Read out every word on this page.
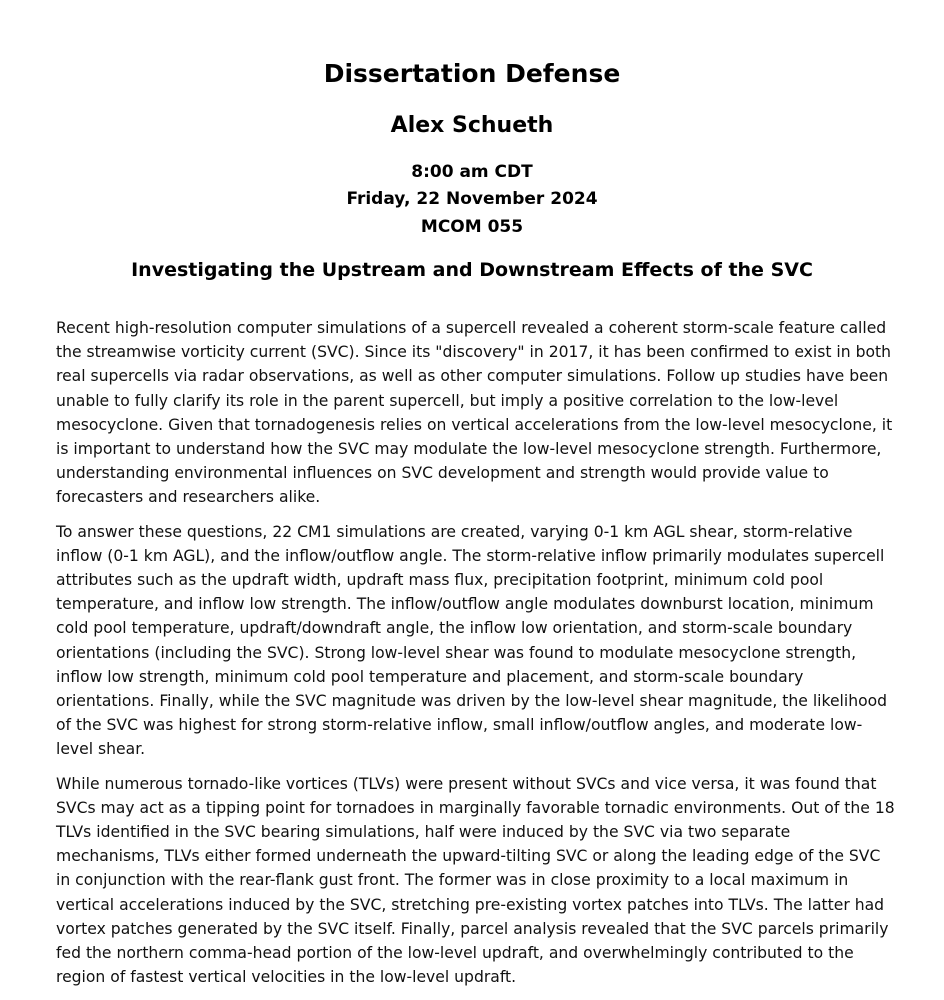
Dissertation Defense
Alex Schueth
8:00 am CDT
Friday, 22 November 2024
MCOM 055
Investigating the Upstream and Downstream Effects of the SVC

Recent high-resolution computer simulations of a supercell revealed a coherent storm-scale feature called the streamwise vorticity current (SVC). Since its "discovery" in 2017, it has been confirmed to exist in both real supercells via radar observations, as well as other computer simulations. Follow up studies have been unable to fully clarify its role in the parent supercell, but imply a positive correlation to the low-level mesocyclone. Given that tornadogenesis relies on vertical accelerations from the low-level mesocyclone, it is important to understand how the SVC may modulate the low-level mesocyclone strength. Furthermore, understanding environmental influences on SVC development and strength would provide value to forecasters and researchers alike.

To answer these questions, 22 CM1 simulations are created, varying 0-1 km AGL shear, storm-relative inflow (0-1 km AGL), and the inflow/outflow angle. The storm-relative inflow primarily modulates supercell attributes such as the updraft width, updraft mass flux, precipitation footprint, minimum cold pool temperature, and inflow low strength. The inflow/outflow angle modulates downburst location, minimum cold pool temperature, updraft/downdraft angle, the inflow low orientation, and storm-scale boundary orientations (including the SVC). Strong low-level shear was found to modulate mesocyclone strength, inflow low strength, minimum cold pool temperature and placement, and storm-scale boundary orientations. Finally, while the SVC magnitude was driven by the low-level shear magnitude, the likelihood of the SVC was highest for strong storm-relative inflow, small inflow/outflow angles, and moderate low-level shear.

While numerous tornado-like vortices (TLVs) were present without SVCs and vice versa, it was found that SVCs may act as a tipping point for tornadoes in marginally favorable tornadic environments. Out of the 18 TLVs identified in the SVC bearing simulations, half were induced by the SVC via two separate mechanisms, TLVs either formed underneath the upward-tilting SVC or along the leading edge of the SVC in conjunction with the rear-flank gust front. The former was in close proximity to a local maximum in vertical accelerations induced by the SVC, stretching pre-existing vortex patches into TLVs. The latter had vortex patches generated by the SVC itself. Finally, parcel analysis revealed that the SVC parcels primarily fed the northern comma-head portion of the low-level updraft, and overwhelmingly contributed to the region of fastest vertical velocities in the low-level updraft.
